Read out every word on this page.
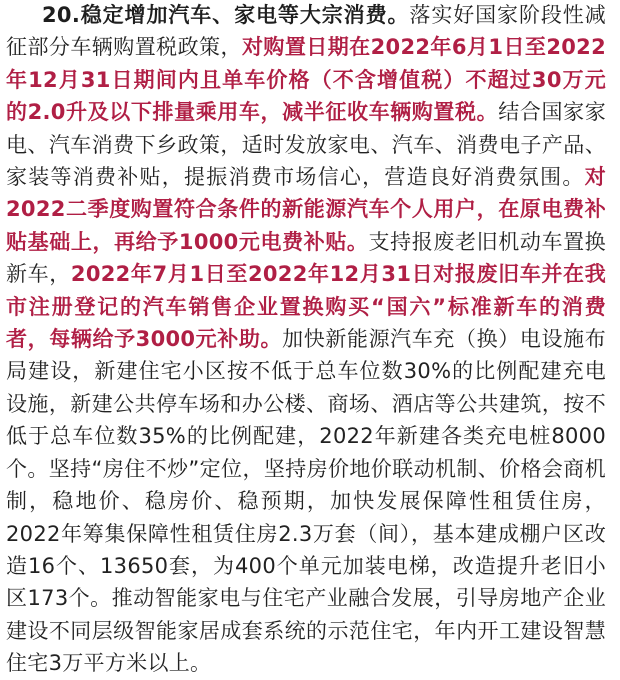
20.稳定增加汽车、家电等大宗消费。落实好国家阶段性减征部分车辆购置税政策，对购置日期在2022年6月1日至2022年12月31日期间内且单车价格（不含增值税）不超过30万元的2.0升及以下排量乘用车，减半征收车辆购置税。结合国家家电、汽车消费下乡政策，适时发放家电、汽车、消费电子产品、家装等消费补贴，提振消费市场信心，营造良好消费氛围。对2022二季度购置符合条件的新能源汽车个人用户，在原电费补贴基础上，再给予1000元电费补贴。支持报废老旧机动车置换新车，2022年7月1日至2022年12月31日对报废旧车并在我市注册登记的汽车销售企业置换购买“国六”标准新车的消费者，每辆给予3000元补助。加快新能源汽车充（换）电设施布局建设，新建住宅小区按不低于总车位数30%的比例配建充电设施，新建公共停车场和办公楼、商场、酒店等公共建筑，按不低于总车位数35%的比例配建，2022年新建各类充电桩8000个。坚持“房住不炒”定位，坚持房价地价联动机制、价格会商机制，稳地价、稳房价、稳预期，加快发展保障性租赁住房，2022年筹集保障性租赁住房2.3万套（间），基本建成棚户区改造16个、13650套，为400个单元加装电梯，改造提升老旧小区173个。推动智能家电与住宅产业融合发展，引导房地产企业建设不同层级智能家居成套系统的示范住宅，年内开工建设智慧住宅3万平方米以上。
